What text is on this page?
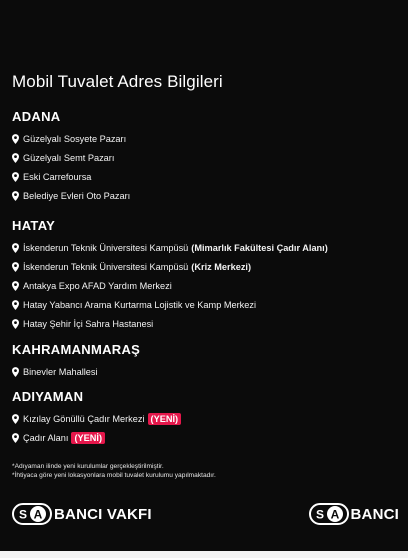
Mobil Tuvalet Adres Bilgileri
ADANA
Güzelyalı Sosyete Pazarı
Güzelyalı Semt Pazarı
Eski Carrefoursa
Belediye Evleri Oto Pazarı
HATAY
İskenderun Teknik Üniversitesi Kampüsü (Mimarlık Fakültesi Çadır Alanı)
İskenderun Teknik Üniversitesi Kampüsü (Kriz Merkezi)
Antakya Expo AFAD Yardım Merkezi
Hatay Yabancı Arama Kurtarma Lojistik ve Kamp Merkezi
Hatay Şehir İçi Sahra Hastanesi
KAHRAMANMARAŞ
Binevler Mahallesi
ADIYAMAN
Kızılay Gönüllü Çadır Merkezi (YENİ)
Çadır Alanı (YENİ)
*Adıyaman ilinde yeni kurulumlar gerçekleştirilmiştir.
*İhtiyaca göre yeni lokasyonlara mobil tuvalet kurulumu yapılmaktadır.
S A BANCI VAKFI	S A BANCI
